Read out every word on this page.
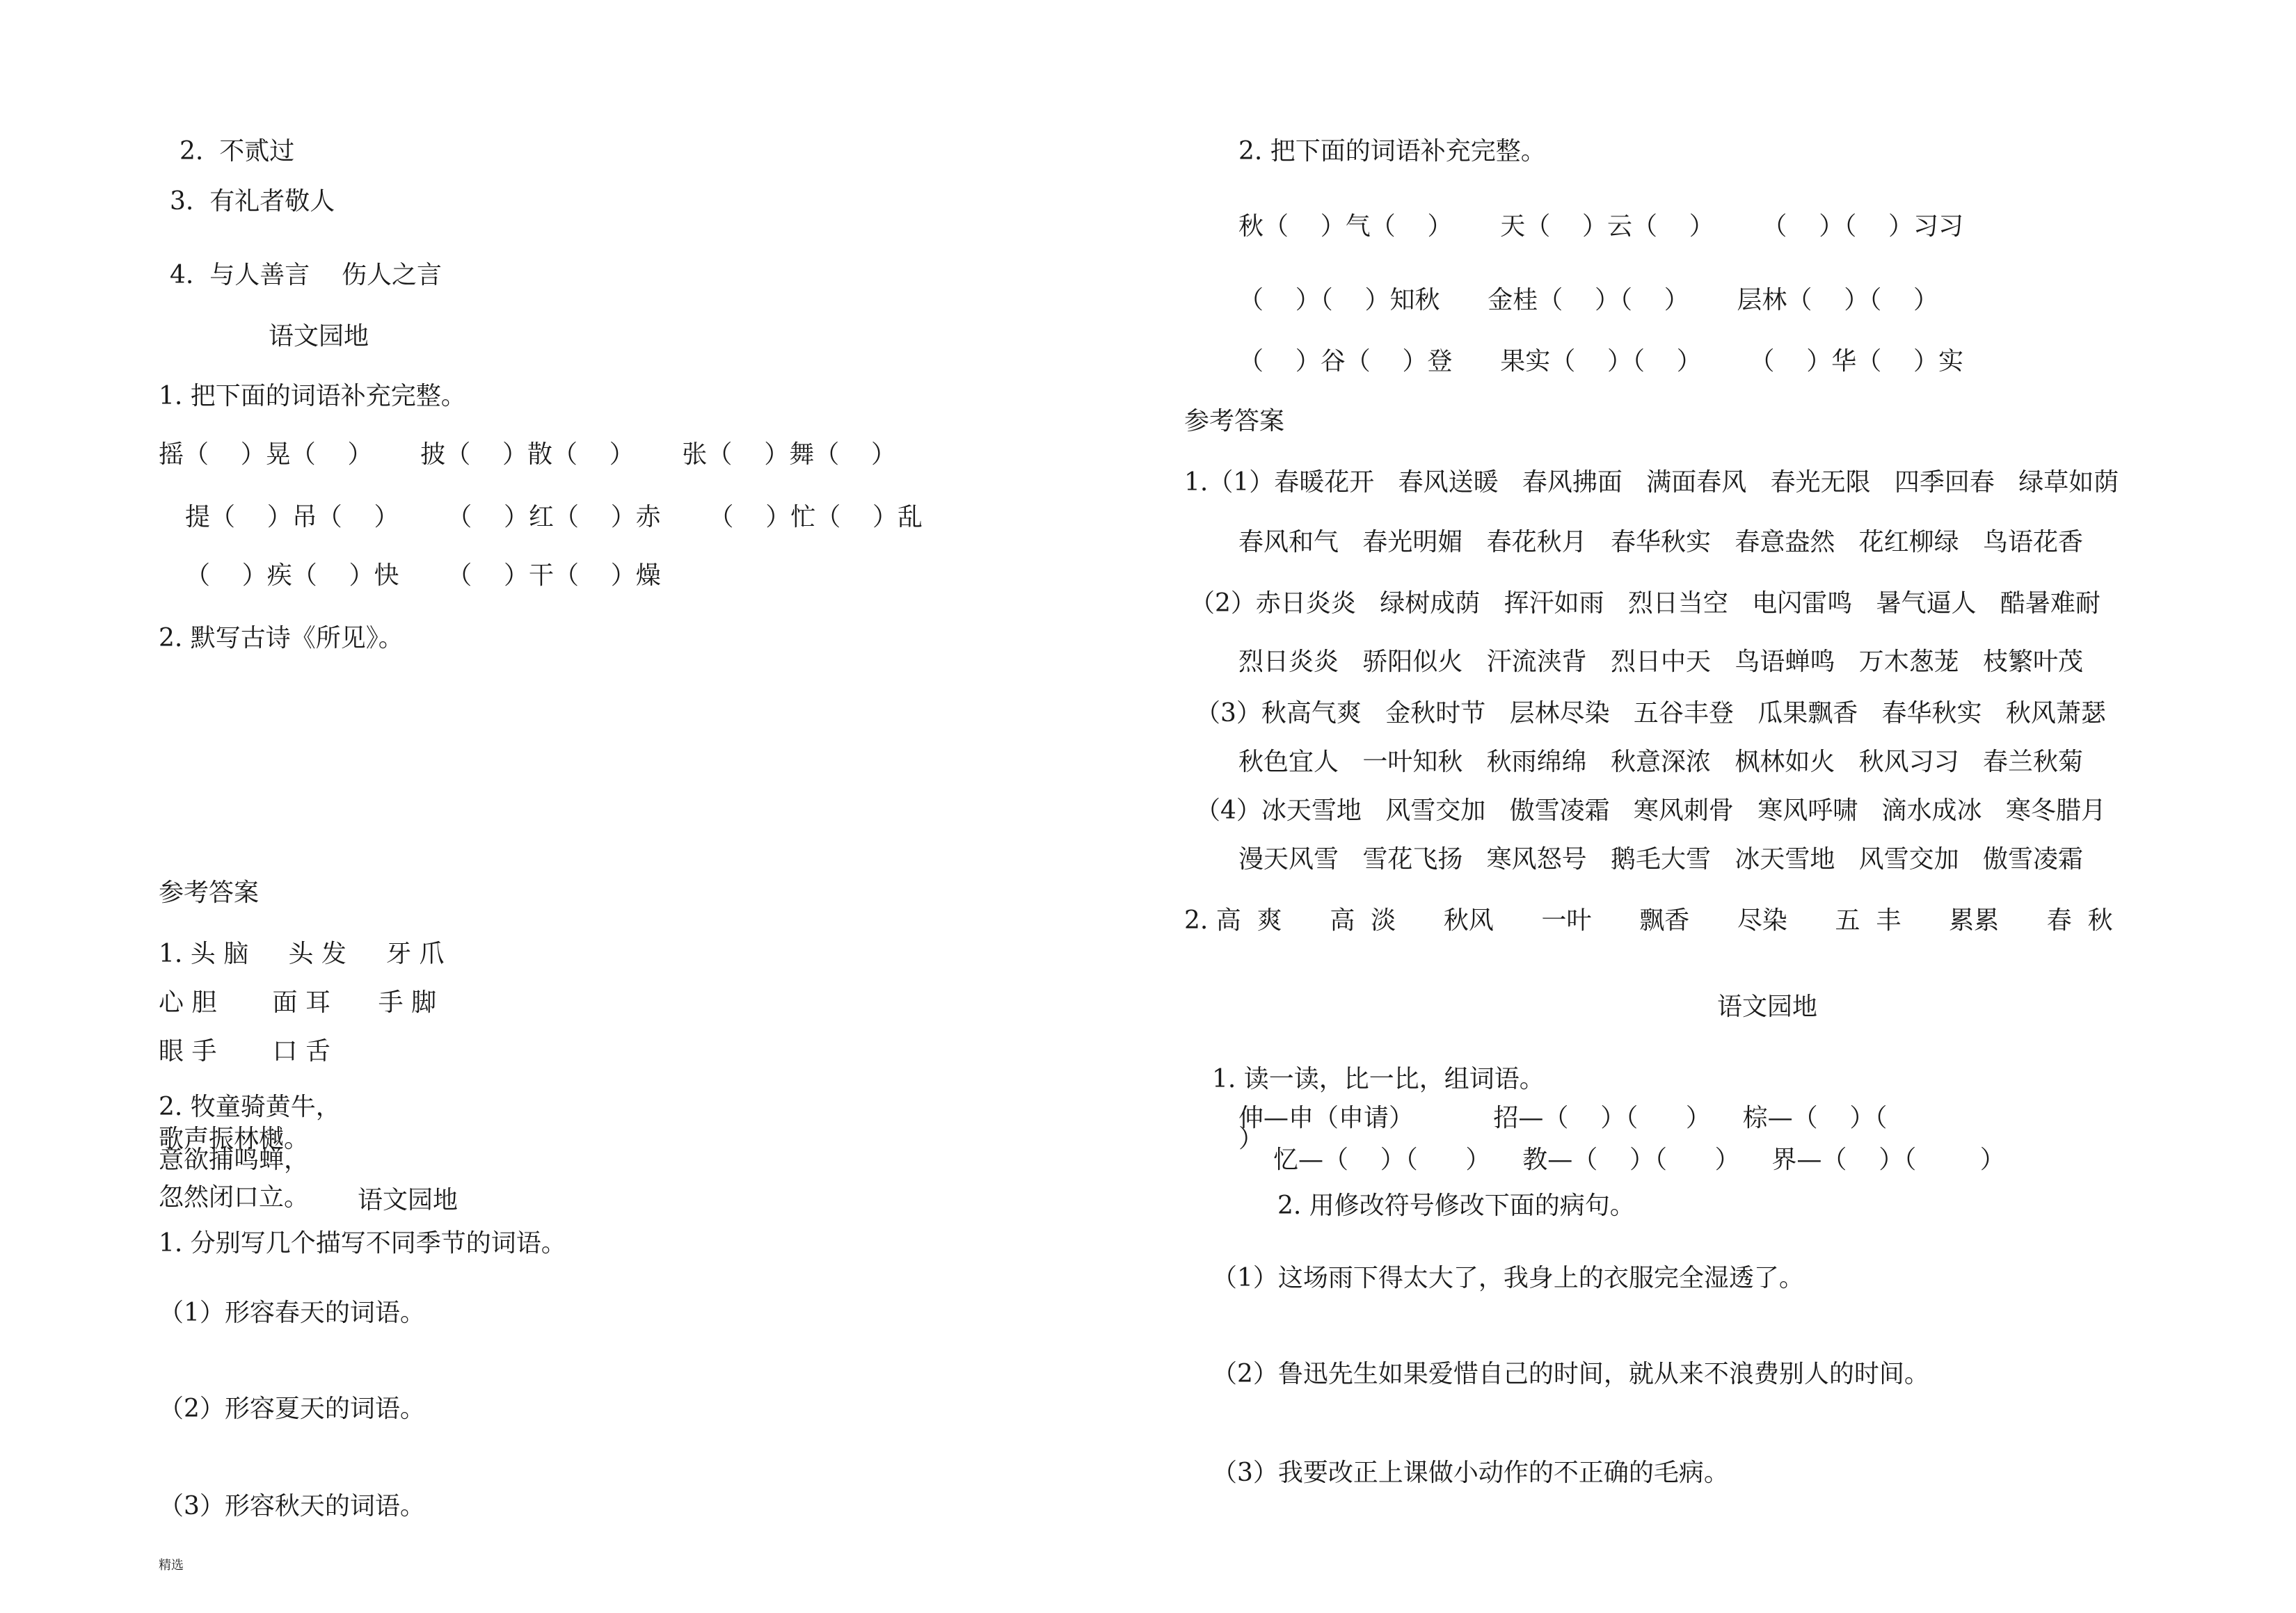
2.  不贰过
3.  有礼者敬人
4.  与人善言    伤人之言
语文园地
1. 把下面的词语补充完整。
摇（    ）晃（    ）      披（    ）散（    ）      张（    ）舞（    ）
提（    ）吊（    ）      （    ）红（    ）赤      （    ）忙（    ）乱
（    ）疾（    ）快      （    ）干（    ）燥
2. 默写古诗《所见》。
参考答案
1. 头 脑     头 发     牙 爪
心 胆       面 耳      手 脚
眼 手       口 舌
2. 牧童骑黄牛，
歌声振林樾。
意欲捕鸣蝉，
忽然闭口立。 语文园地
1. 分别写几个描写不同季节的词语。
（1）形容春天的词语。
（2）形容夏天的词语。
（3）形容秋天的词语。
精选
2. 把下面的词语补充完整。
秋（    ）气（    ）      天（    ）云（    ）      （    ）（    ）习习
（    ）（    ）知秋      金桂（    ）（    ）      层林（    ）（    ）
（    ）谷（    ）登      果实（    ）（    ）      （    ）华（    ）实
参考答案
1.（1）春暖花开   春风送暖   春风拂面   满面春风   春光无限   四季回春   绿草如荫
春风和气   春光明媚   春花秋月   春华秋实   春意盎然   花红柳绿   鸟语花香
（2）赤日炎炎   绿树成荫   挥汗如雨   烈日当空   电闪雷鸣   暑气逼人   酷暑难耐
烈日炎炎   骄阳似火   汗流浃背   烈日中天   鸟语蝉鸣   万木葱茏   枝繁叶茂
（3）秋高气爽   金秋时节   层林尽染   五谷丰登   瓜果飘香   春华秋实   秋风萧瑟
秋色宜人   一叶知秋   秋雨绵绵   秋意深浓   枫林如火   秋风习习   春兰秋菊
（4）冰天雪地   风雪交加   傲雪凌霜   寒风刺骨   寒风呼啸   滴水成冰   寒冬腊月
漫天风雪   雪花飞扬   寒风怒号   鹅毛大雪   冰天雪地   风雪交加   傲雪凌霜
2. 高  爽      高  淡      秋风      一叶      飘香      尽染      五  丰      累累      春  秋
语文园地
1. 读一读，比一比，组词语。
伸—申（申请）          招—（    ）（      ）    棕—（    ）（
）
忆—（    ）（      ）    教—（    ）（      ）    界—（    ）（        ）
2. 用修改符号修改下面的病句。
（1）这场雨下得太大了，我身上的衣服完全湿透了。
（2）鲁迅先生如果爱惜自己的时间，就从来不浪费别人的时间。
（3）我要改正上课做小动作的不正确的毛病。
